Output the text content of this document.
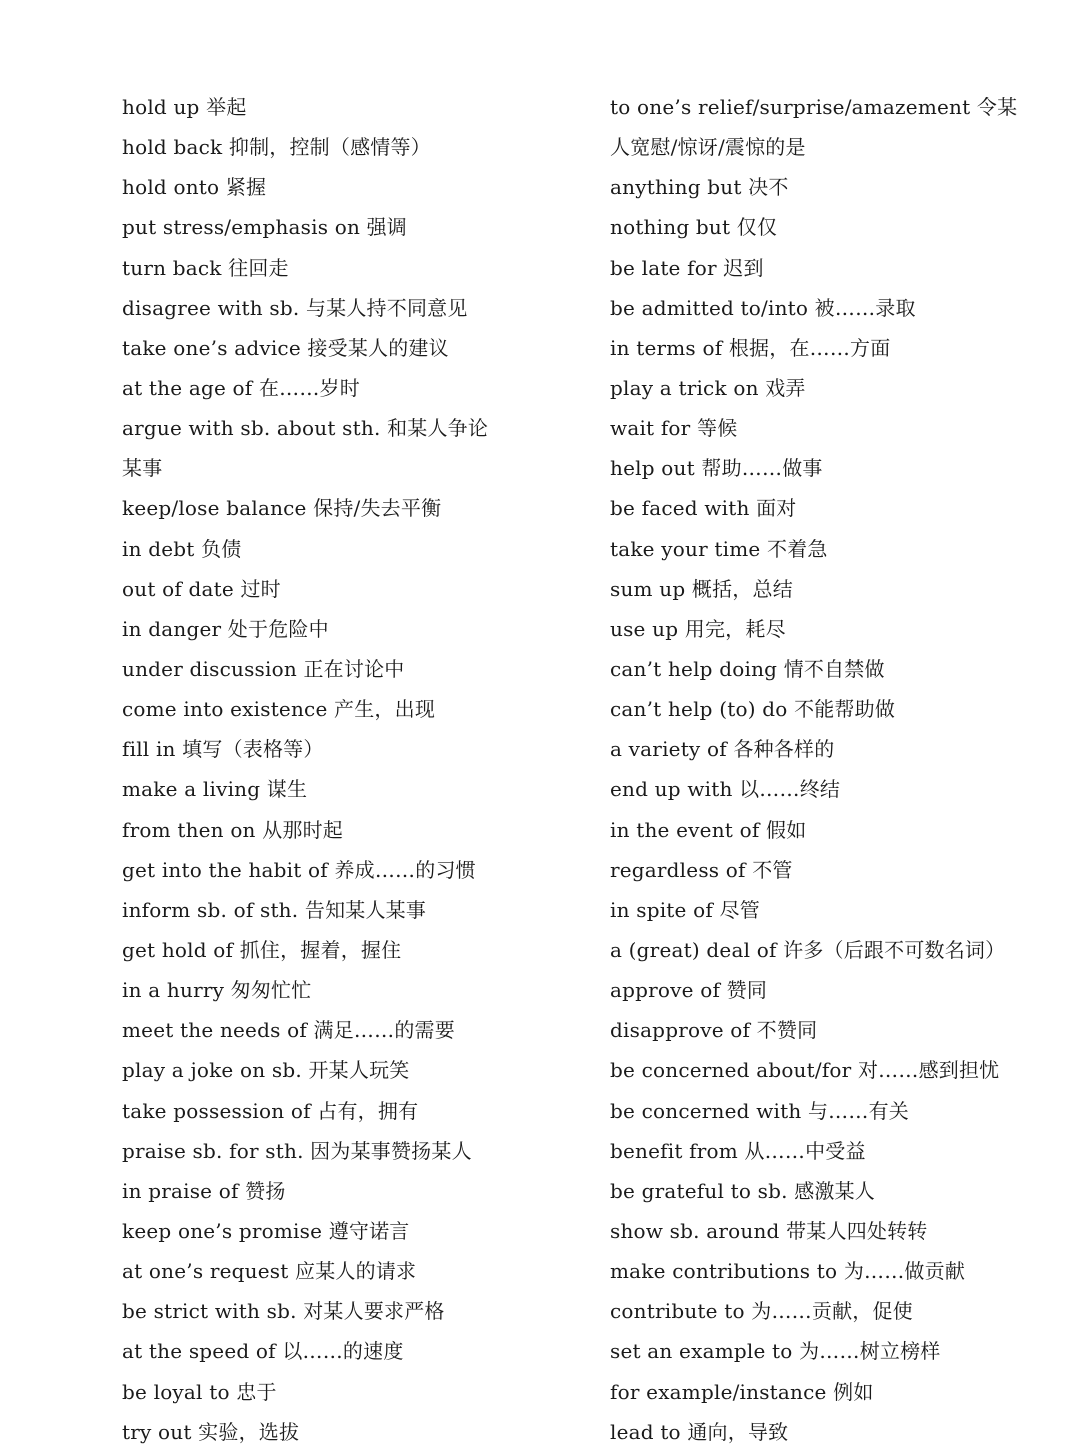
hold up 举起
hold back 抑制，控制（感情等）
hold onto 紧握
put stress/emphasis on 强调
turn back 往回走
disagree with sb. 与某人持不同意见
take one’s advice 接受某人的建议
at the age of 在……岁时
argue with sb. about sth. 和某人争论
某事
keep/lose balance 保持/失去平衡
in debt 负债
out of date 过时
in danger 处于危险中
under discussion 正在讨论中
come into existence 产生，出现
fill in 填写（表格等）
make a living 谋生
from then on 从那时起
get into the habit of 养成……的习惯
inform sb. of sth. 告知某人某事
get hold of 抓住，握着，握住
in a hurry 匆匆忙忙
meet the needs of 满足……的需要
play a joke on sb. 开某人玩笑
take possession of 占有，拥有
praise sb. for sth. 因为某事赞扬某人
in praise of 赞扬
keep one’s promise 遵守诺言
at one’s request 应某人的请求
be strict with sb. 对某人要求严格
at the speed of 以……的速度
be loyal to 忠于
try out 实验，选拔
to one’s relief/surprise/amazement 令某
人宽慰/惊讶/震惊的是
anything but 决不
nothing but 仅仅
be late for 迟到
be admitted to/into 被……录取
in terms of 根据，在……方面
play a trick on 戏弄
wait for 等候
help out 帮助……做事
be faced with 面对
take your time 不着急
sum up 概括，总结
use up 用完，耗尽
can’t help doing 情不自禁做
can’t help (to) do 不能帮助做
a variety of 各种各样的
end up with 以……终结
in the event of 假如
regardless of 不管
in spite of 尽管
a (great) deal of 许多（后跟不可数名词）
approve of 赞同
disapprove of 不赞同
be concerned about/for 对……感到担忧
be concerned with 与……有关
benefit from 从……中受益
be grateful to sb. 感激某人
show sb. around 带某人四处转转
make contributions to 为……做贡献
contribute to 为……贡献，促使
set an example to 为……树立榜样
for example/instance 例如
lead to 通向，导致
